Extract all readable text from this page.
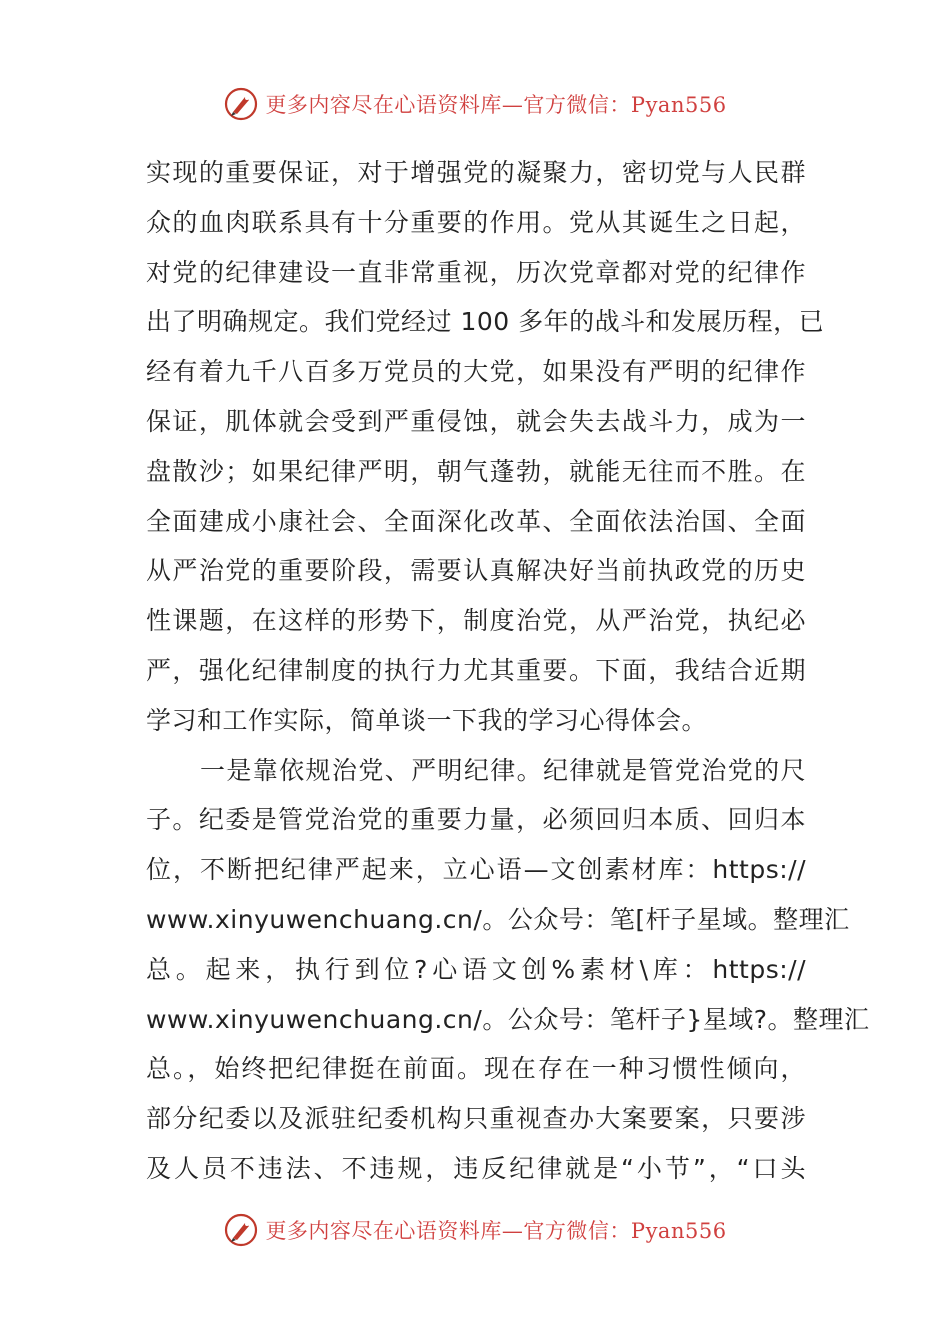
更多内容尽在心语资料库—官方微信：Pyan556
实现的重要保证，对于增强党的凝聚力，密切党与人民群
众的血肉联系具有十分重要的作用。党从其诞生之日起，
对党的纪律建设一直非常重视，历次党章都对党的纪律作
出了明确规定。我们党经过 100 多年的战斗和发展历程，已
经有着九千八百多万党员的大党，如果没有严明的纪律作
保证，肌体就会受到严重侵蚀，就会失去战斗力，成为一
盘散沙；如果纪律严明，朝气蓬勃，就能无往而不胜。在
全面建成小康社会、全面深化改革、全面依法治国、全面
从严治党的重要阶段，需要认真解决好当前执政党的历史
性课题，在这样的形势下，制度治党，从严治党，执纪必
严，强化纪律制度的执行力尤其重要。下面，我结合近期
学习和工作实际，简单谈一下我的学习心得体会。
一是靠依规治党、严明纪律。纪律就是管党治党的尺
子。纪委是管党治党的重要力量，必须回归本质、回归本
位，不断把纪律严起来，立心语—文创素材库：https://
www.xinyuwenchuang.cn/。公众号：笔[杆子星域。整理汇
总。起来，执行到位?心语文创%素材\库：https://
www.xinyuwenchuang.cn/。公众号：笔杆子}星域?。整理汇
总。，始终把纪律挺在前面。现在存在一种习惯性倾向，
部分纪委以及派驻纪委机构只重视查办大案要案，只要涉
及人员不违法、不违规，违反纪律就是“小节”，“口头
更多内容尽在心语资料库—官方微信：Pyan556
